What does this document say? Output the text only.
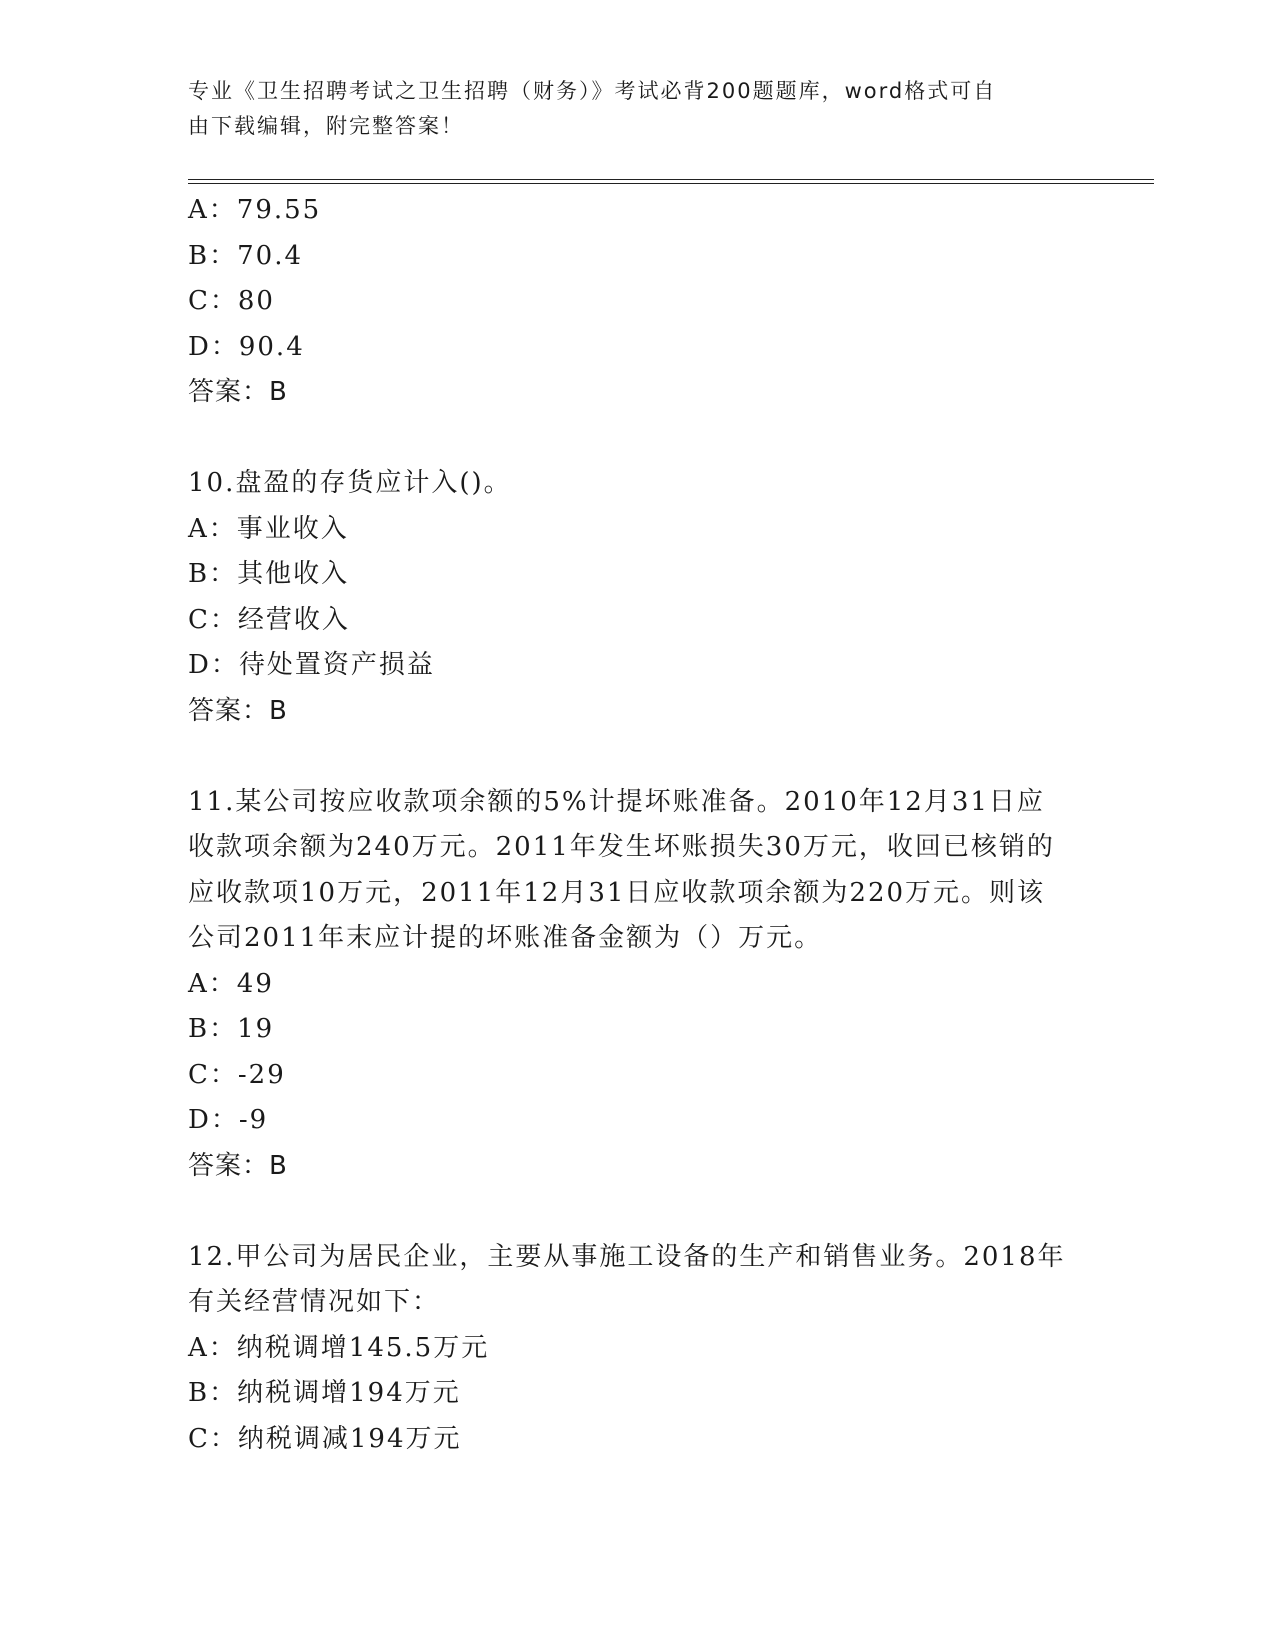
专业《卫生招聘考试之卫生招聘（财务）》考试必背200题题库，word格式可自
由下载编辑，附完整答案！
A：79.55
B：70.4
C：80
D：90.4
答案：B
10.盘盈的存货应计入()。
A：事业收入
B：其他收入
C：经营收入
D：待处置资产损益
答案：B
11.某公司按应收款项余额的5%计提坏账准备。2010年12月31日应
收款项余额为240万元。2011年发生坏账损失30万元，收回已核销的
应收款项10万元，2011年12月31日应收款项余额为220万元。则该
公司2011年末应计提的坏账准备金额为（）万元。
A：49
B：19
C：-29
D：-9
答案：B
12.甲公司为居民企业，主要从事施工设备的生产和销售业务。2018年
有关经营情况如下：
A：纳税调增145.5万元
B：纳税调增194万元
C：纳税调减194万元
